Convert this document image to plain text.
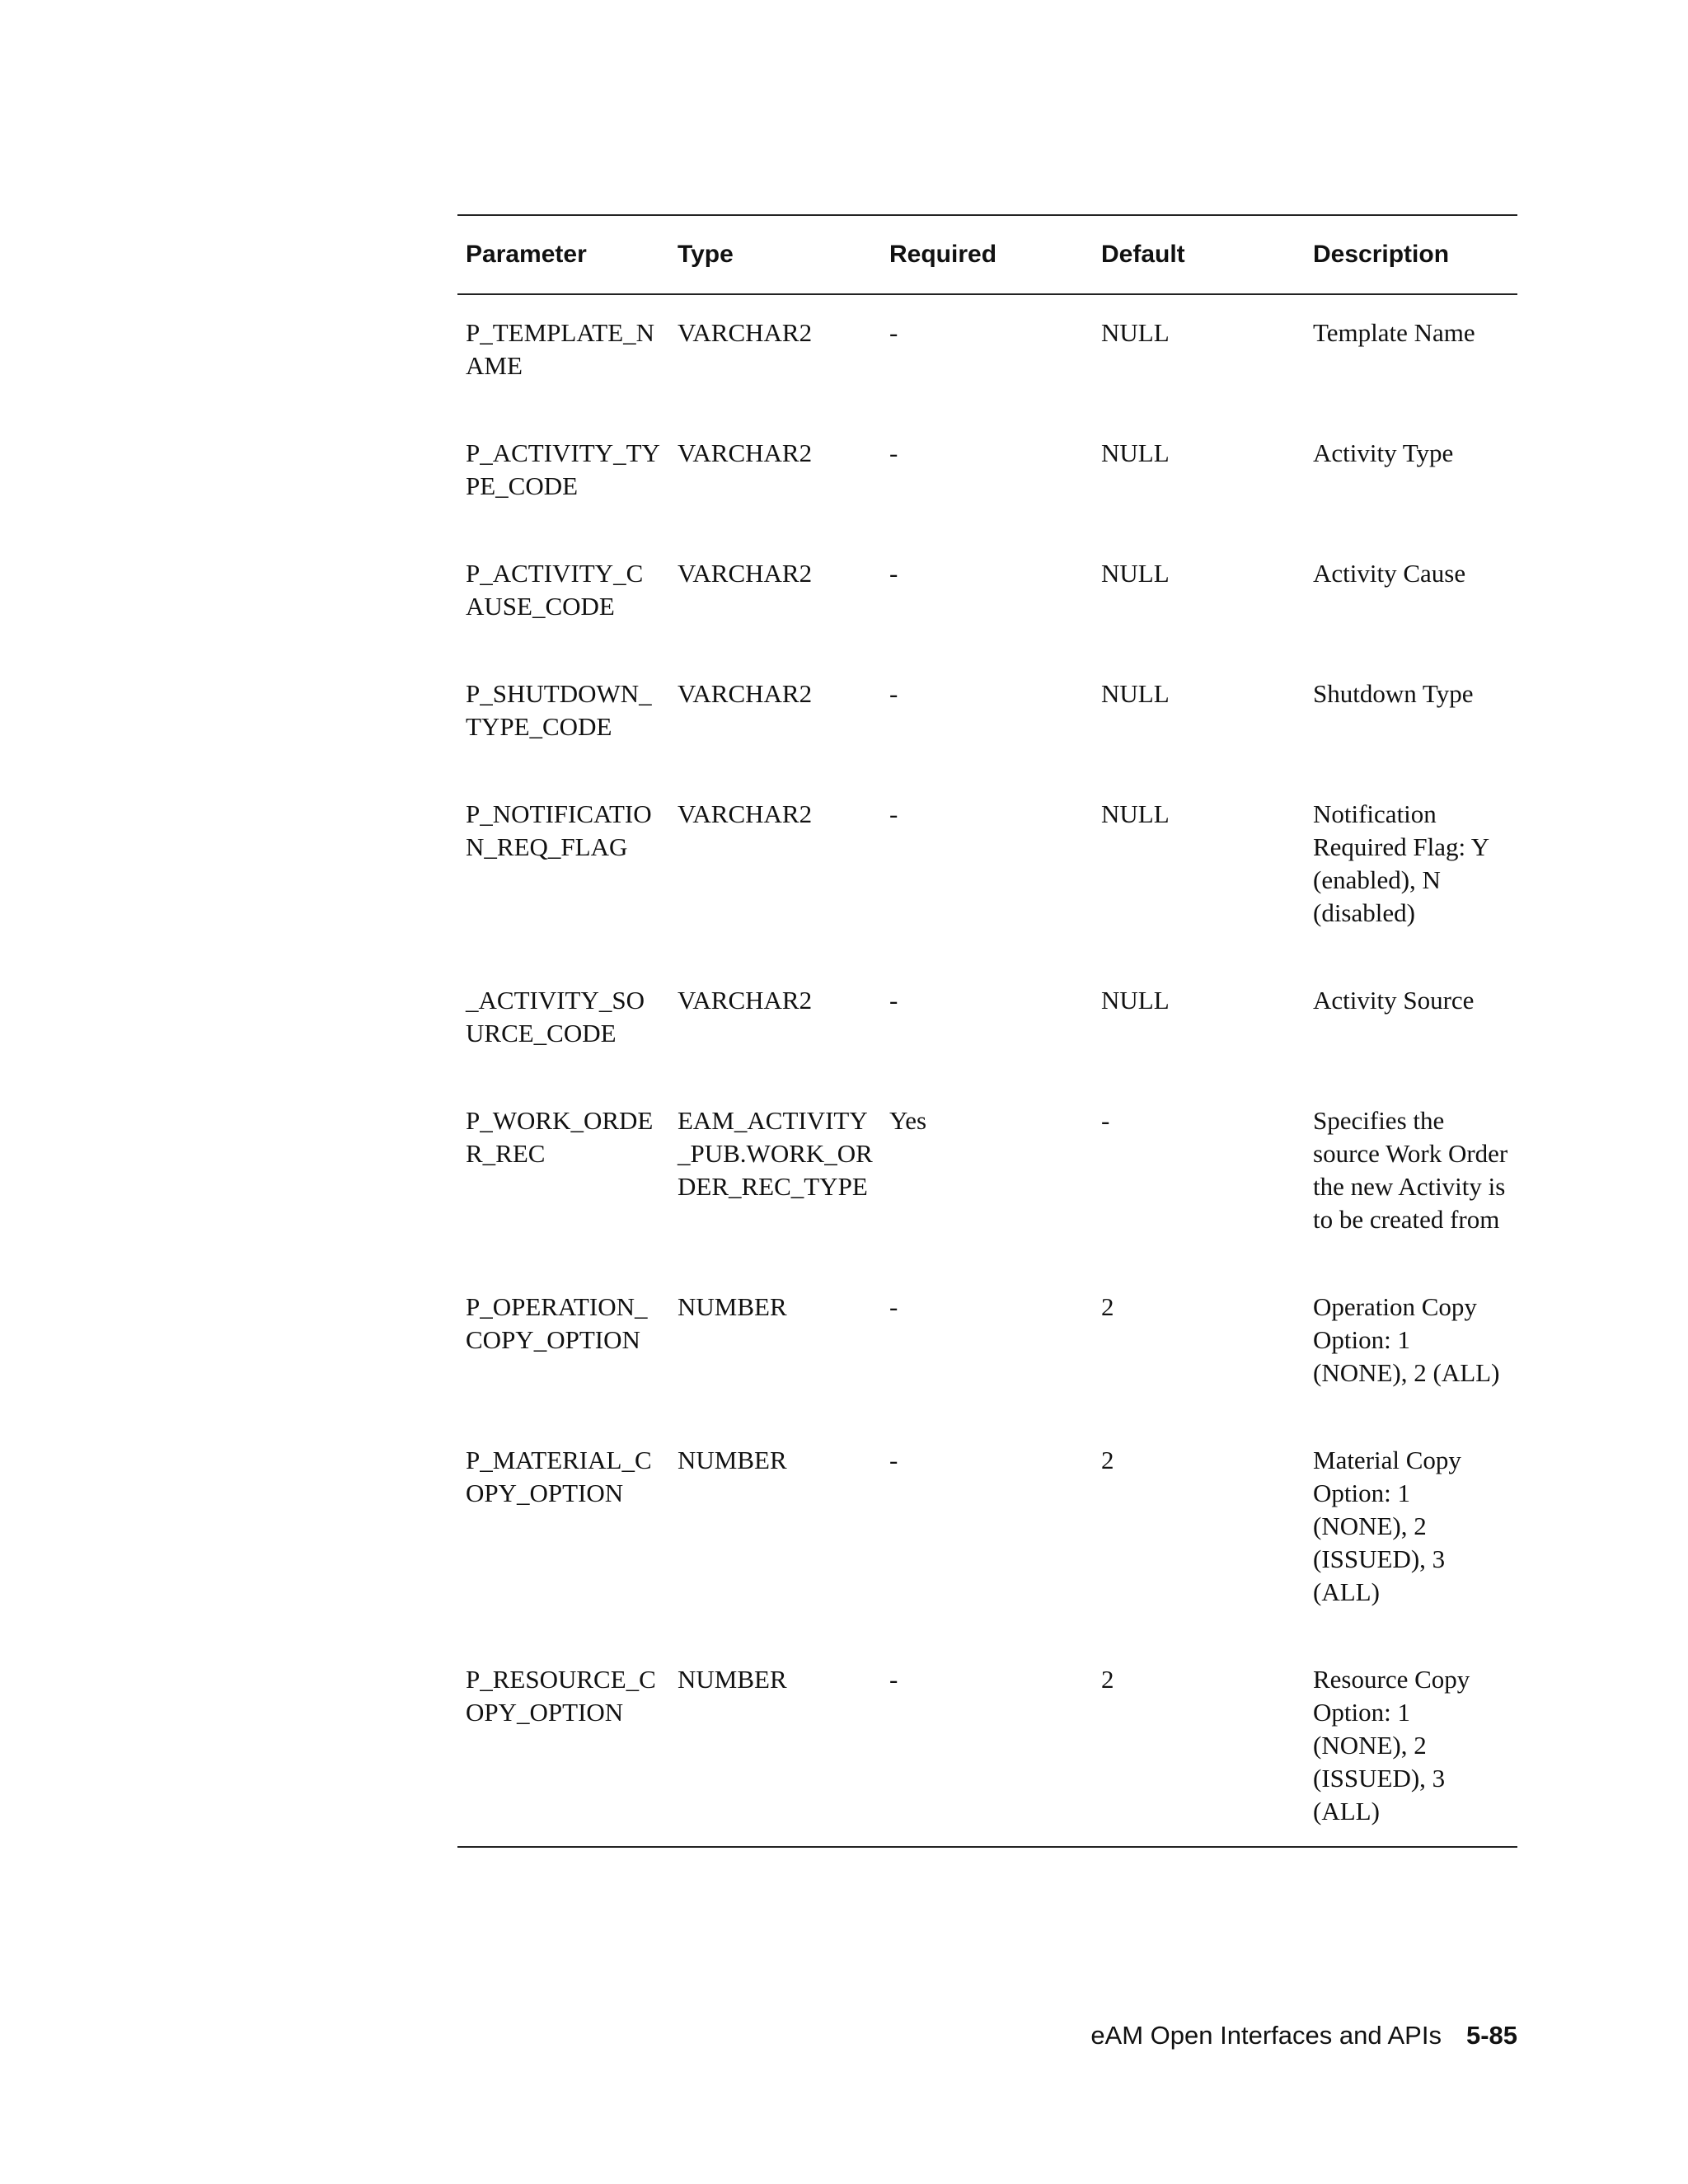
Parameter	Type	Required	Default	Description
P_TEMPLATE_NAME	VARCHAR2	-	NULL	Template Name
P_ACTIVITY_TYPE_CODE	VARCHAR2	-	NULL	Activity Type
P_ACTIVITY_CAUSE_CODE	VARCHAR2	-	NULL	Activity Cause
P_SHUTDOWN_TYPE_CODE	VARCHAR2	-	NULL	Shutdown Type
P_NOTIFICATION_REQ_FLAG	VARCHAR2	-	NULL	Notification Required Flag: Y (enabled), N (disabled)
_ACTIVITY_SOURCE_CODE	VARCHAR2	-	NULL	Activity Source
P_WORK_ORDER_REC	EAM_ACTIVITY_PUB.WORK_ORDER_REC_TYPE	Yes	-	Specifies the source Work Order the new Activity is to be created from
P_OPERATION_COPY_OPTION	NUMBER	-	2	Operation Copy Option: 1 (NONE), 2 (ALL)
P_MATERIAL_COPY_OPTION	NUMBER	-	2	Material Copy Option: 1 (NONE), 2 (ISSUED), 3 (ALL)
P_RESOURCE_COPY_OPTION	NUMBER	-	2	Resource Copy Option: 1 (NONE), 2 (ISSUED), 3 (ALL)
eAM Open Interfaces and APIs 5-85
